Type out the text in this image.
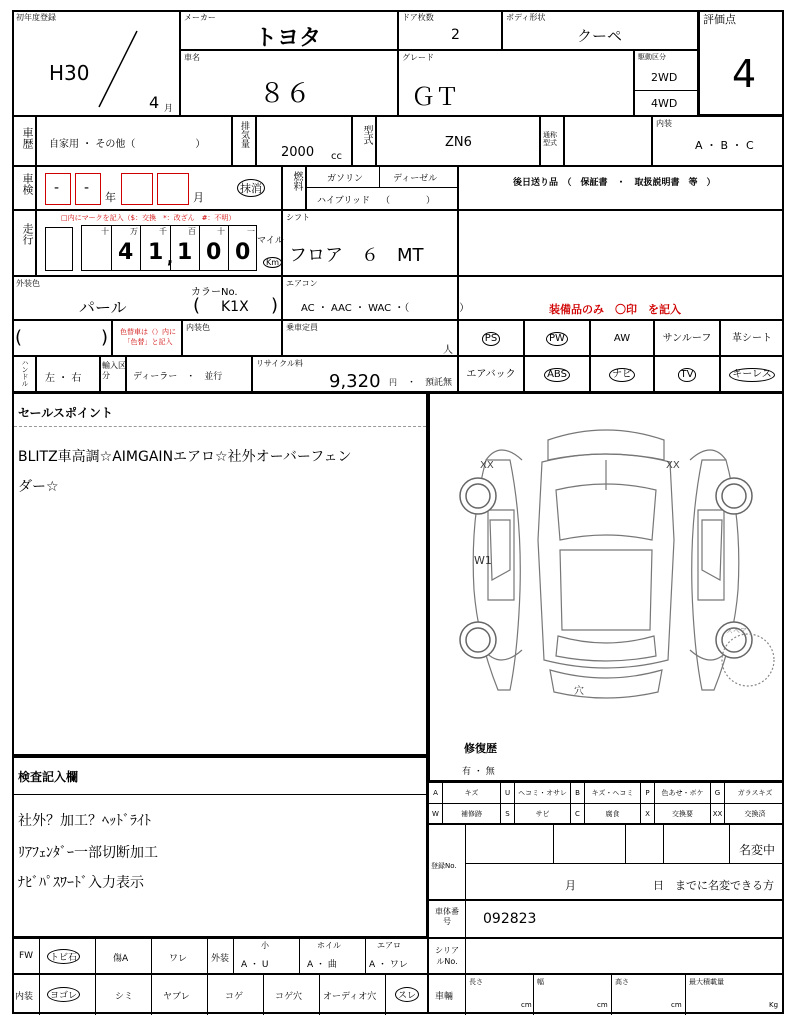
初年度登録
H30
4 月
メーカー
トヨタ
ドア枚数
2
ボディ形状
クーペ
評価点
4
車名
８６
グレード
ＧＴ
駆動区分
2WD
4WD
車歴 自家用 ・ その他（　　　　　　）	排気量
2000 cc
型式	ZN6	通称型式
内装
A ・ B ・ C
車検 - -
年	月
抹消	燃料	ガソリン	ディーゼル
ハイブリッド （　　　　）
後日送り品　（　保証書　・　取扱説明書　等　）
走行
□内にマークを記入（$：交換　*：改ざん　#：不明）
十	万	千	百	十	一
4 1 , 1 0 0 マイル
Km
シフト
フロア　６　MT
外装色
パール
カラーNo.
( K1X )
エアコン
AC ・ AAC ・ WAC ・（　　　　　）	装備品のみ　〇印　を記入
(	)	色替車は（）内に「色替」と記入
内装色	乗車定員
人
PS	PW	AW	サンルーフ	革シート
ハンドル 左 ・ 右
輸入区分	ディーラー　・　並行
リサイクル料
9,320 円 ・　預託無
エアバック	ABS	ナビ	TV	キーレス
セールスポイント
BLITZ車高調☆AIMGAINエアロ☆社外オーバーフェン
ダー☆
XX	XX
W1
穴
スペア
修復歴
有 ・ 無
A	キズ	U	ヘコミ・オサレ	B	キズ・ヘコミ	P	色あせ・ボケ	G	ガラスキズ
W	補修跡	S	サビ	C	腐食	X	交換要	XX	交換済
検査記入欄
社外？加工？ﾍｯﾄﾞﾗｲﾄ
ﾘｱﾌｪﾝﾀﾞｰ一部切断加工
ﾅﾋﾞﾊﾟｽﾜｰﾄﾞ入力表示
登録No.
名変中
月　　　　　　　日　までに名変できる方
車体番号	092823
FW	トビ石	傷A	ワレ	外装
小
A ・ U
ホイル
A ・ 曲
エアロ
A ・ ワレ
シリアルNo.
内装	ヨゴレ	シミ	ヤブレ	コゲ	コゲ穴 オーディオ穴	スレ	車輛
長さ
cm
幅
cm
高さ
cm
最大積載量
Kg
